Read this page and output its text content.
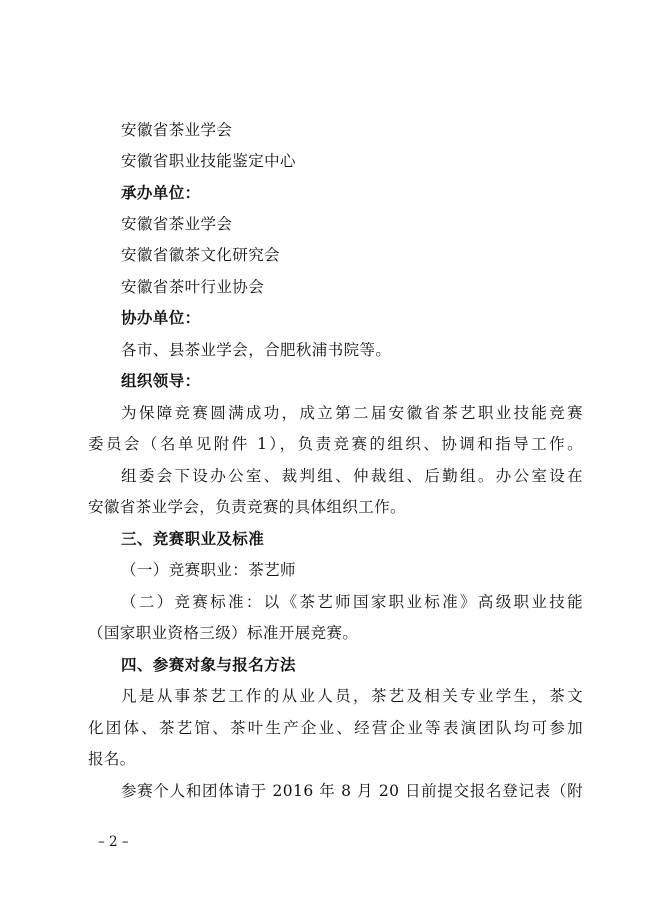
安徽省茶业学会
安徽省职业技能鉴定中心
承办单位：
安徽省茶业学会
安徽省徽茶文化研究会
安徽省茶叶行业协会
协办单位：
各市、县茶业学会，合肥秋浦书院等。
组织领导：
为保障竞赛圆满成功，成立第二届安徽省茶艺职业技能竞赛
委员会（名单见附件 1），负责竞赛的组织、协调和指导工作。
组委会下设办公室、裁判组、仲裁组、后勤组。办公室设在
安徽省茶业学会，负责竞赛的具体组织工作。
三、竞赛职业及标准
（一）竞赛职业：茶艺师
（二）竞赛标准：以《茶艺师国家职业标准》高级职业技能
（国家职业资格三级）标准开展竞赛。
四、参赛对象与报名方法
凡是从事茶艺工作的从业人员，茶艺及相关专业学生，茶文
化团体、茶艺馆、茶叶生产企业、经营企业等表演团队均可参加
报名。
参赛个人和团体请于 2016 年 8 月 20 日前提交报名登记表（附
– 2 –
